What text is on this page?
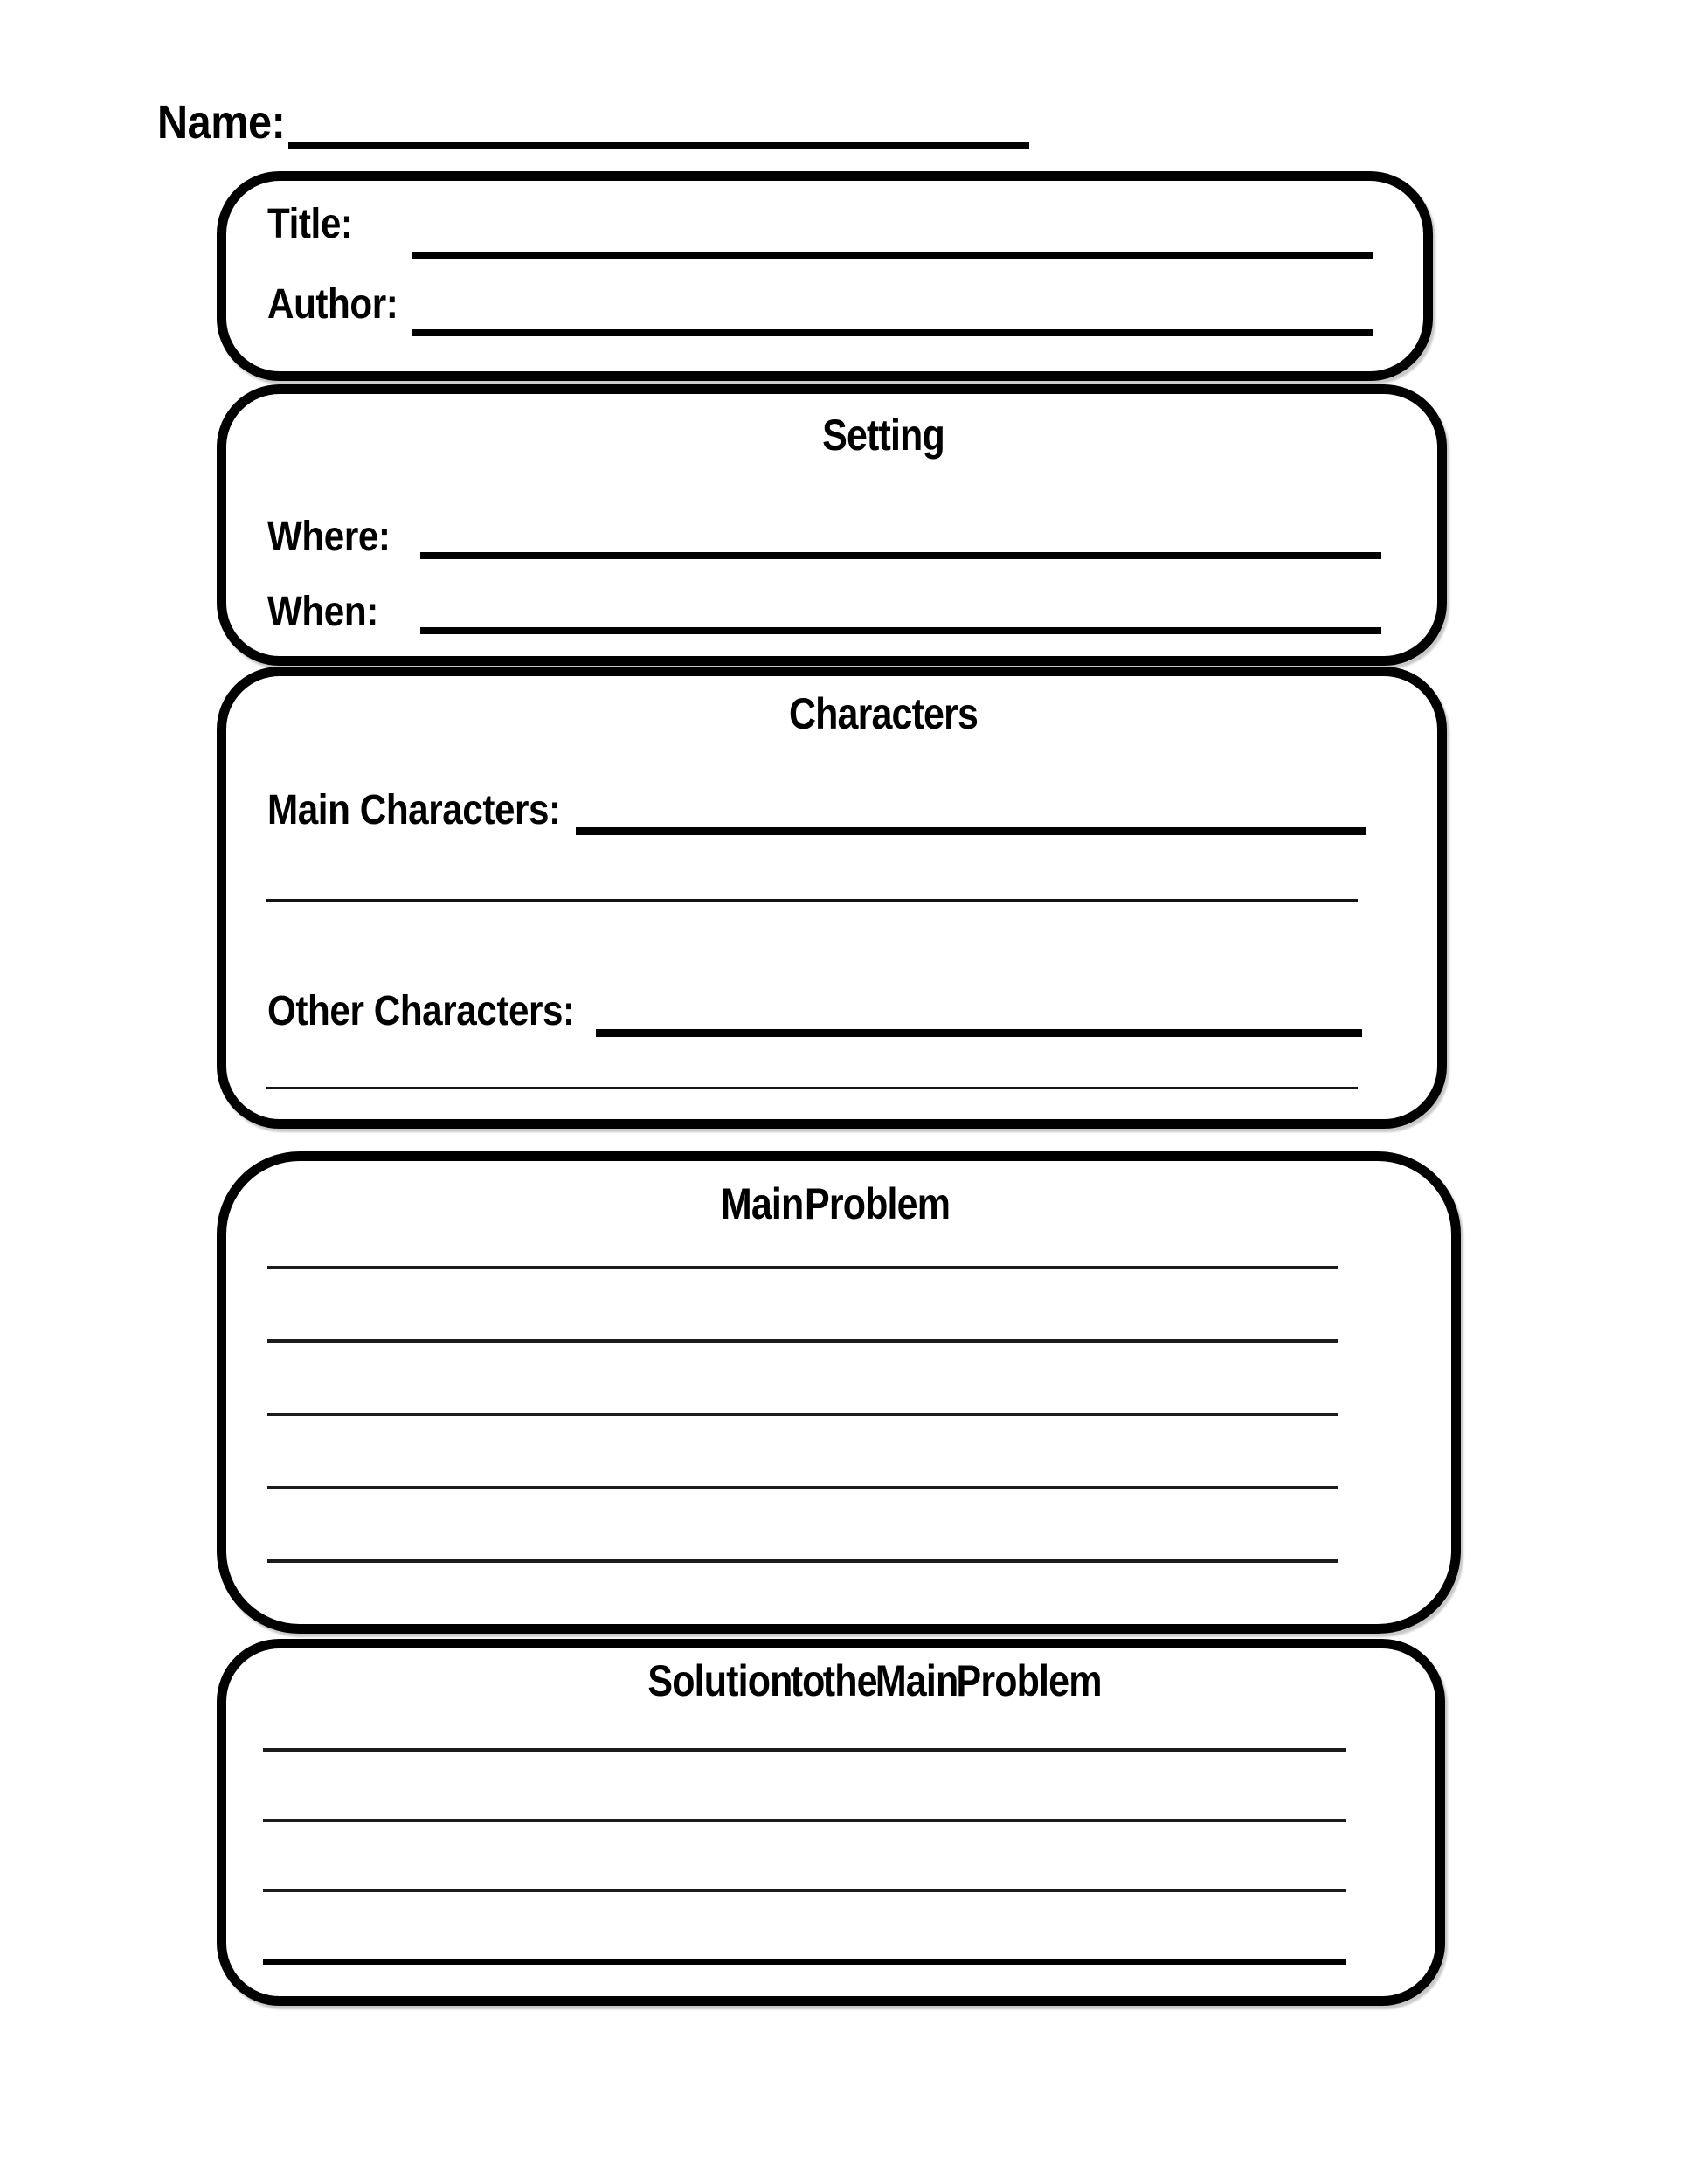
Name:
Title:
Author:
Setting
Where:
When:
Characters
Main Characters:
Other Characters:
Main Problem
Solution to the Main Problem
